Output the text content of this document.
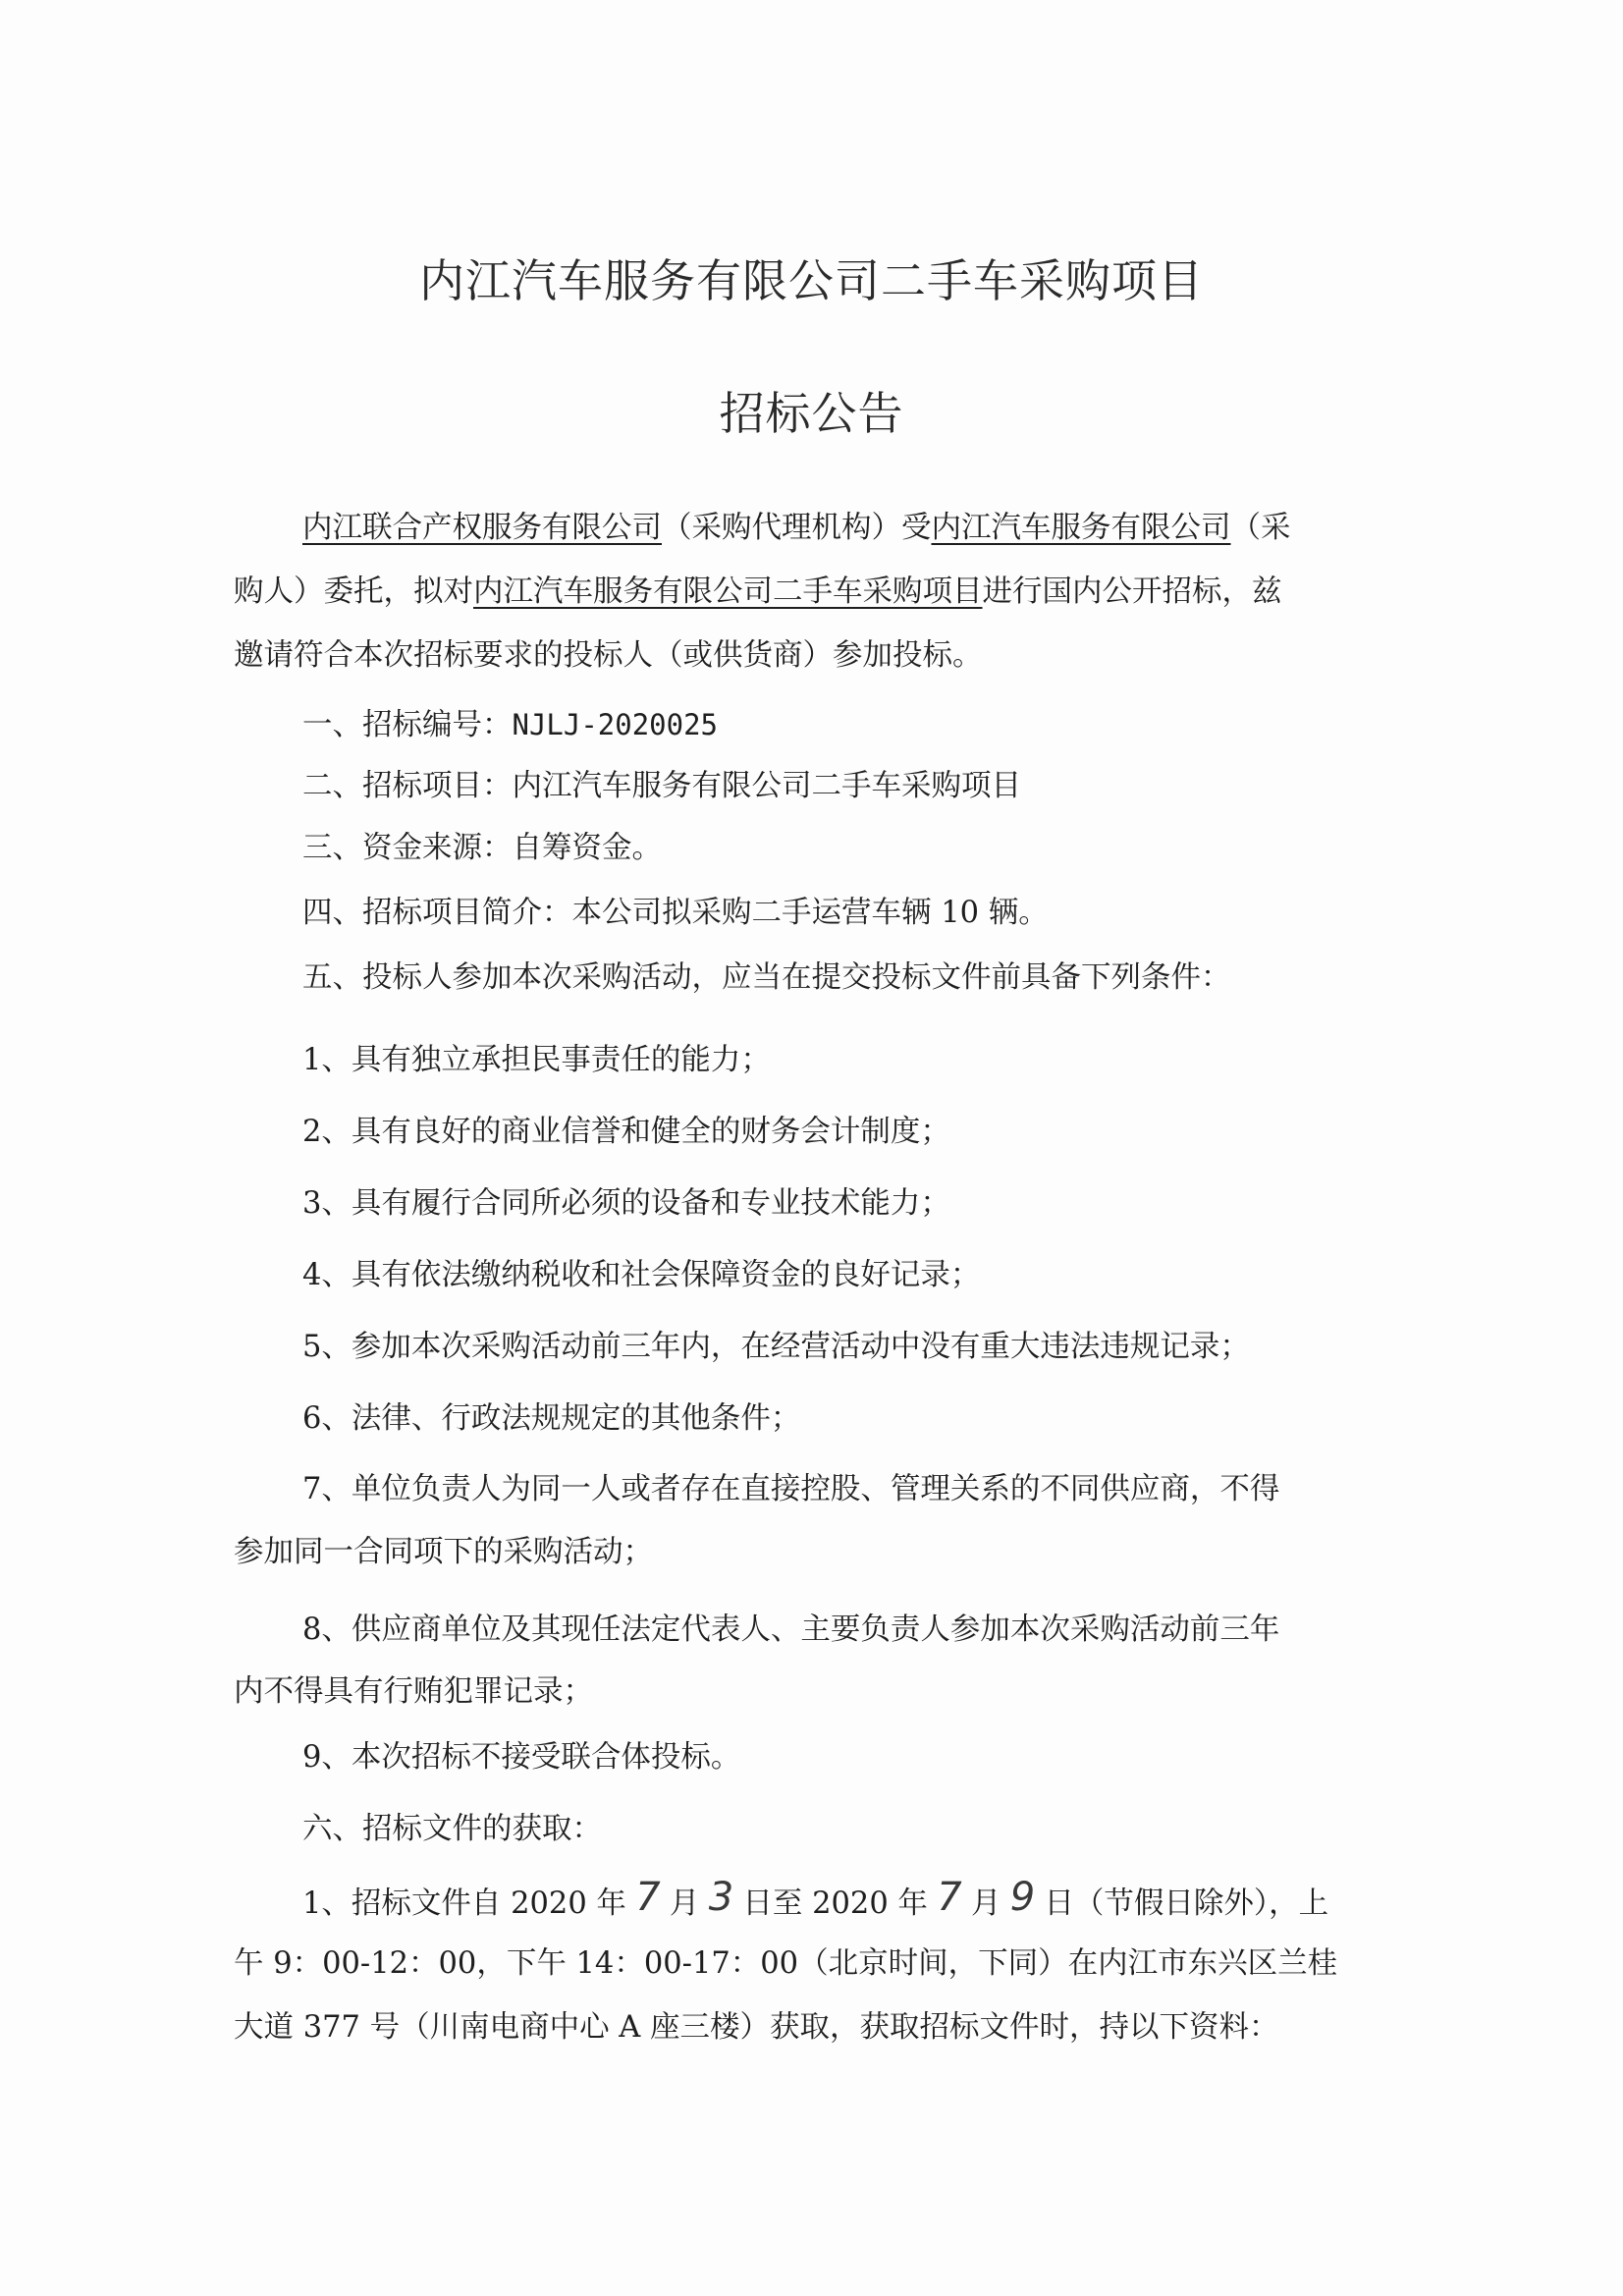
内江汽车服务有限公司二手车采购项目
招标公告
内江联合产权服务有限公司（采购代理机构）受内江汽车服务有限公司（采
购人）委托，拟对内江汽车服务有限公司二手车采购项目进行国内公开招标，兹
邀请符合本次招标要求的投标人（或供货商）参加投标。
一、招标编号：NJLJ-2020025
二、招标项目：内江汽车服务有限公司二手车采购项目
三、资金来源：自筹资金。
四、招标项目简介：本公司拟采购二手运营车辆 10 辆。
五、投标人参加本次采购活动，应当在提交投标文件前具备下列条件：
1、具有独立承担民事责任的能力；
2、具有良好的商业信誉和健全的财务会计制度；
3、具有履行合同所必须的设备和专业技术能力；
4、具有依法缴纳税收和社会保障资金的良好记录；
5、参加本次采购活动前三年内，在经营活动中没有重大违法违规记录；
6、法律、行政法规规定的其他条件；
7、单位负责人为同一人或者存在直接控股、管理关系的不同供应商，不得
参加同一合同项下的采购活动；
8、供应商单位及其现任法定代表人、主要负责人参加本次采购活动前三年
内不得具有行贿犯罪记录；
9、本次招标不接受联合体投标。
六、招标文件的获取：
1、招标文件自 2020 年 7 月 3 日至 2020 年 7 月 9 日（节假日除外），上
午 9：00-12：00，下午 14：00-17：00（北京时间，下同）在内江市东兴区兰桂
大道 377 号（川南电商中心 A 座三楼）获取，获取招标文件时，持以下资料：
